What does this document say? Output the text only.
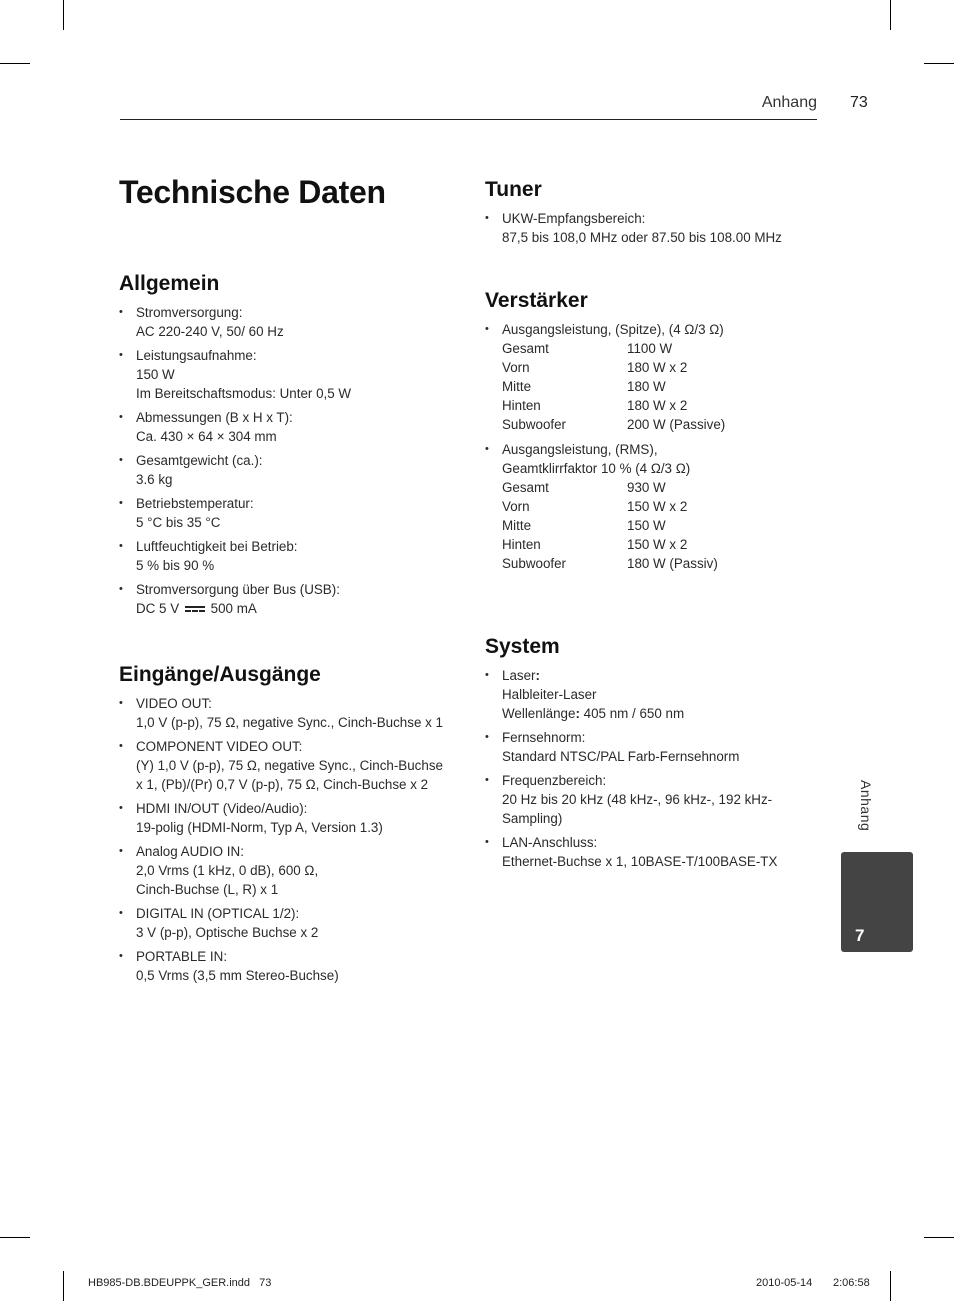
Anhang 73
Technische Daten
Allgemein
• Stromversorgung:
AC 220-240 V, 50/ 60 Hz
• Leistungsaufnahme:
150 W
Im Bereitschaftsmodus: Unter 0,5 W
• Abmessungen (B x H x T):
Ca. 430 × 64 × 304 mm
• Gesamtgewicht (ca.):
3.6 kg
• Betriebstemperatur:
5 °C bis 35 °C
• Luftfeuchtigkeit bei Betrieb:
5 % bis 90 %
• Stromversorgung über Bus (USB):
DC 5 V 500 mA
Eingänge/Ausgänge
• VIDEO OUT:
1,0 V (p-p), 75 Ω, negative Sync., Cinch-Buchse x 1
• COMPONENT VIDEO OUT:
(Y) 1,0 V (p-p), 75 Ω, negative Sync., Cinch-Buchse
x 1, (Pb)/(Pr) 0,7 V (p-p), 75 Ω, Cinch-Buchse x 2
• HDMI IN/OUT (Video/Audio):
19-polig (HDMI-Norm, Typ A, Version 1.3)
• Analog AUDIO IN:
2,0 Vrms (1 kHz, 0 dB), 600 Ω,
Cinch-Buchse (L, R) x 1
• DIGITAL IN (OPTICAL 1/2):
3 V (p-p), Optische Buchse x 2
• PORTABLE IN:
0,5 Vrms (3,5 mm Stereo-Buchse)
Tuner
• UKW-Empfangsbereich:
87,5 bis 108,0 MHz oder 87.50 bis 108.00 MHz
Verstärker
• Ausgangsleistung, (Spitze), (4 Ω/3 Ω)
Gesamt	1100 W
Vorn	180 W x 2
Mitte	180 W
Hinten	180 W x 2
Subwoofer	200 W (Passive)
• Ausgangsleistung, (RMS),
Geamtklirrfaktor 10 % (4 Ω/3 Ω)
Gesamt	930 W
Vorn	150 W x 2
Mitte	150 W
Hinten	150 W x 2
Subwoofer	180 W (Passiv)
System
• Laser:
Halbleiter-Laser
Wellenlänge: 405 nm / 650 nm
• Fernsehnorm:
Standard NTSC/PAL Farb-Fernsehnorm
• Frequenzbereich:
20 Hz bis 20 kHz (48 kHz-, 96 kHz-, 192 kHz-
Sampling)
• LAN-Anschluss:
Ethernet-Buchse x 1, 10BASE-T/100BASE-TX
Anhang
7
HB985-DB.BDEUPPK_GER.indd   73	2010-05-14 2:06:58
